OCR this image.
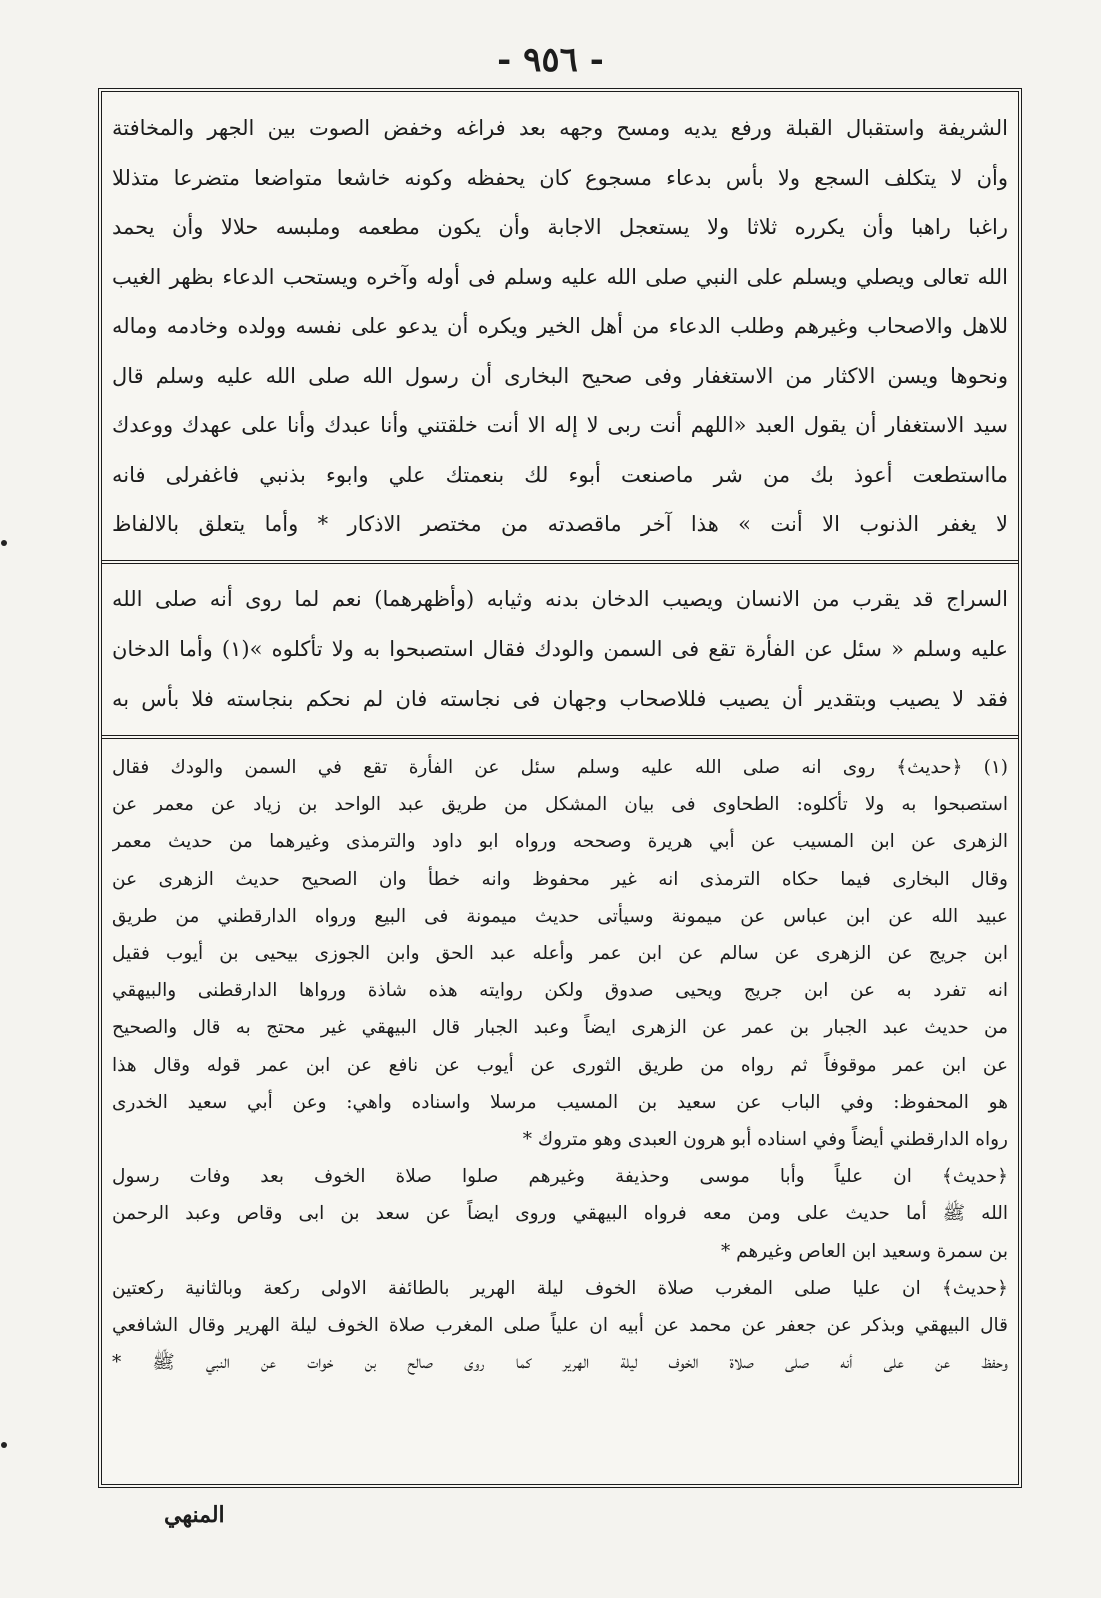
- ٩٥٦ -

الشريفة واستقبال القبلة ورفع يديه ومسح وجهه بعد فراغه وخفض الصوت بين الجهر والمخافتة

وأن لا يتكلف السجع ولا بأس بدعاء مسجوع كان يحفظه وكونه خاشعا متواضعا متضرعا متذللا

راغبا راهبا وأن يكرره ثلاثا ولا يستعجل الاجابة وأن يكون مطعمه وملبسه حلالا وأن يحمد

الله تعالى ويصلي ويسلم على النبي صلى الله عليه وسلم فى أوله وآخره ويستحب الدعاء بظهر الغيب

للاهل والاصحاب وغيرهم وطلب الدعاء من أهل الخير ويكره أن يدعو على نفسه وولده وخادمه وماله

ونحوها ويسن الاكثار من الاستغفار وفى صحيح البخارى أن رسول الله صلى الله عليه وسلم قال

سيد الاستغفار أن يقول العبد «اللهم أنت ربى لا إله الا أنت خلقتني وأنا عبدك وأنا على عهدك ووعدك

مااستطعت أعوذ بك من شر ماصنعت أبوء لك بنعمتك علي وابوء بذنبي فاغفرلى فانه

لا يغفر الذنوب الا أنت » هذا آخر ماقصدته من مختصر الاذكار * وأما يتعلق بالالفاظ

السراج قد يقرب من الانسان ويصيب الدخان بدنه وثيابه (وأظهرهما) نعم لما روى أنه صلى الله

عليه وسلم « سئل عن الفأرة تقع فى السمن والودك فقال استصبحوا به ولا تأكلوه »(١) وأما الدخان

فقد لا يصيب وبتقدير أن يصيب فللاصحاب وجهان فى نجاسته فان لم نحكم بنجاسته فلا بأس به

(١) ﴿حديث﴾ روى انه صلى الله عليه وسلم سئل عن الفأرة تقع في السمن والودك فقال

استصبحوا به ولا تأكلوه: الطحاوى فى بيان المشكل من طريق عبد الواحد بن زياد عن معمر عن

الزهرى عن ابن المسيب عن أبي هريرة وصححه ورواه ابو داود والترمذى وغيرهما من حديث معمر

وقال البخارى فيما حكاه الترمذى انه غير محفوظ وانه خطأ وان الصحيح حديث الزهرى عن

عبيد الله عن ابن عباس عن ميمونة وسيأتى حديث ميمونة فى البيع ورواه الدارقطني من طريق

ابن جريج عن الزهرى عن سالم عن ابن عمر وأعله عبد الحق وابن الجوزى بيحيى بن أيوب فقيل

انه تفرد به عن ابن جريج ويحيى صدوق ولكن روايته هذه شاذة ورواها الدارقطنى والبيهقي

من حديث عبد الجبار بن عمر عن الزهرى ايضاً وعبد الجبار قال البيهقي غير محتج به قال والصحيح

عن ابن عمر موقوفاً ثم رواه من طريق الثورى عن أيوب عن نافع عن ابن عمر قوله وقال هذا

هو المحفوظ: وفي الباب عن سعيد بن المسيب مرسلا واسناده واهي: وعن أبي سعيد الخدرى

رواه الدارقطني أيضاً وفي اسناده أبو هرون العبدى وهو متروك *

﴿حديث﴾ ان علياً وأبا موسى وحذيفة وغيرهم صلوا صلاة الخوف بعد وفات رسول

الله ﷺ أما حديث على ومن معه فرواه البيهقي وروى ايضاً عن سعد بن ابى وقاص وعبد الرحمن

بن سمرة وسعيد ابن العاص وغيرهم *

﴿حديث﴾ ان عليا صلى المغرب صلاة الخوف ليلة الهرير بالطائفة الاولى ركعة وبالثانية ركعتين

قال البيهقي وبذكر عن جعفر عن محمد عن أبيه ان علياً صلى المغرب صلاة الخوف ليلة الهرير وقال الشافعي

وحفظ عن على أنه صلى صلاة الخوف ليلة الهرير كما روى صالح بن خوات عن النبي ﷺ *

المنهي
